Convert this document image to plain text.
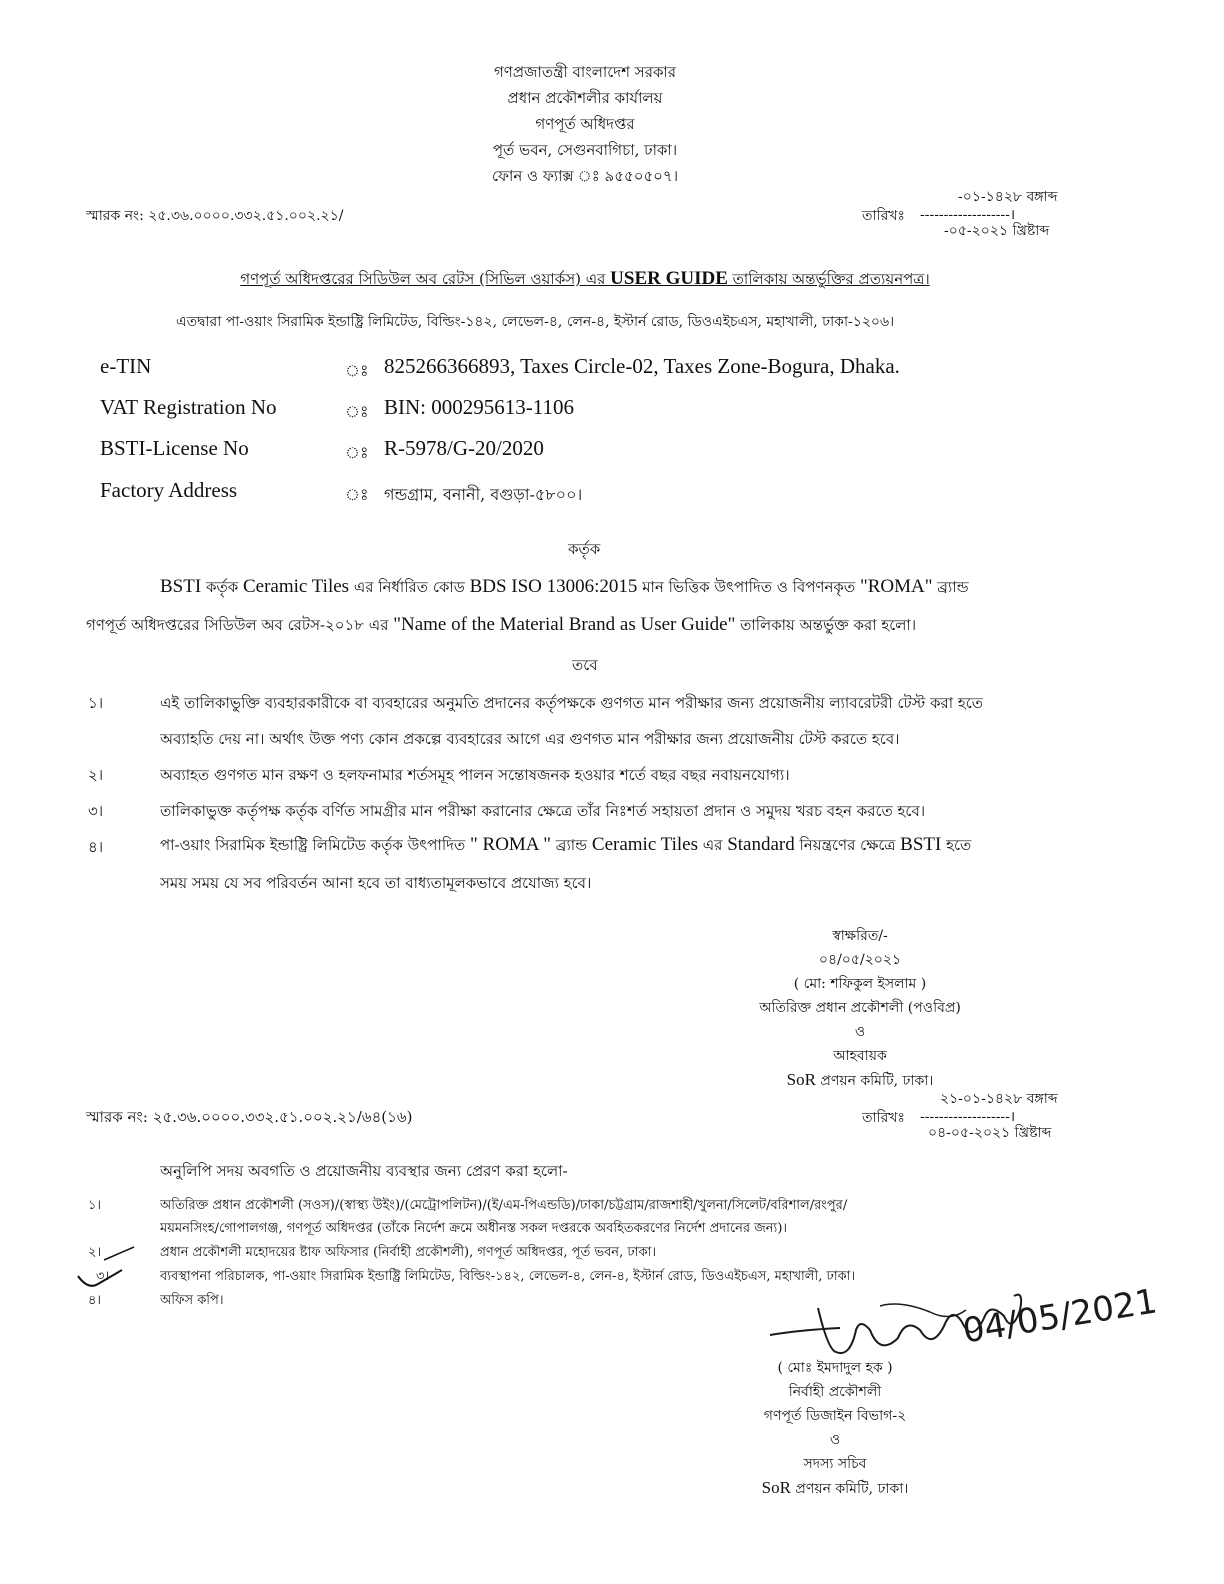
গণপ্রজাতন্ত্রী বাংলাদেশ সরকার
প্রধান প্রকৌশলীর কার্যালয়
গণপূর্ত অধিদপ্তর
পূর্ত ভবন, সেগুনবাগিচা, ঢাকা।
ফোন ও ফ্যাক্স ঃ ৯৫৫০৫০৭।
স্মারক নং: ২৫.৩৬.০০০০.৩৩২.৫১.০০২.২১/	তারিখঃ
-০১-১৪২৮ বঙ্গাব্দ
-------------------।
-০৫-২০২১ খ্রিষ্টাব্দ
গণপূর্ত অধিদপ্তরের সিডিউল অব রেটস (সিভিল ওয়ার্কস) এর USER GUIDE তালিকায় অন্তর্ভুক্তির প্রত্যয়নপত্র।
এতদ্বারা পা-ওয়াং সিরামিক ইন্ডাষ্ট্রি লিমিটেড, বিল্ডিং-১৪২, লেভেল-৪, লেন-৪, ইস্টার্ন রোড, ডিওএইচএস, মহাখালী, ঢাকা-১২০৬।
e-TIN	ঃ 825266366893, Taxes Circle-02, Taxes Zone-Bogura, Dhaka.
VAT Registration No	ঃ BIN: 000295613-1106
BSTI-License No	ঃ R-5978/G-20/2020
Factory Address	ঃ গন্ডগ্রাম, বনানী, বগুড়া-৫৮০০।
কর্তৃক
BSTI কর্তৃক Ceramic Tiles এর নির্ধারিত কোড BDS ISO 13006:2015 মান ভিত্তিক উৎপাদিত ও বিপণনকৃত "ROMA" ব্র্যান্ড
গণপূর্ত অধিদপ্তরের সিডিউল অব রেটস-২০১৮ এর "Name of the Material Brand as User Guide" তালিকায় অন্তর্ভুক্ত করা হলো।
তবে
১।	এই তালিকাভুক্তি ব্যবহারকারীকে বা ব্যবহারের অনুমতি প্রদানের কর্তৃপক্ষকে গুণগত মান পরীক্ষার জন্য প্রয়োজনীয় ল্যাবরেটরী টেস্ট করা হতে
অব্যাহতি দেয় না। অর্থাৎ উক্ত পণ্য কোন প্রকল্পে ব্যবহারের আগে এর গুণগত মান পরীক্ষার জন্য প্রয়োজনীয় টেস্ট করতে হবে।
২।	অব্যাহত গুণগত মান রক্ষণ ও হলফনামার শর্তসমূহ পালন সন্তোষজনক হওয়ার শর্তে বছর বছর নবায়নযোগ্য।
৩।	তালিকাভুক্ত কর্তৃপক্ষ কর্তৃক বর্ণিত সামগ্রীর মান পরীক্ষা করানোর ক্ষেত্রে তাঁর নিঃশর্ত সহায়তা প্রদান ও সমুদয় খরচ বহন করতে হবে।
৪।	পা-ওয়াং সিরামিক ইন্ডাষ্ট্রি লিমিটেড কর্তৃক উৎপাদিত " ROMA " ব্র্যান্ড Ceramic Tiles এর Standard নিয়ন্ত্রণের ক্ষেত্রে BSTI হতে
সময় সময় যে সব পরিবর্তন আনা হবে তা বাধ্যতামূলকভাবে প্রযোজ্য হবে।
স্বাক্ষরিত/-
০৪/০৫/২০২১
( মো: শফিকুল ইসলাম )
অতিরিক্ত প্রধান প্রকৌশলী (পওবিপ্র)
ও
আহবায়ক
SoR প্রণয়ন কমিটি, ঢাকা।
স্মারক নং: ২৫.৩৬.০০০০.৩৩২.৫১.০০২.২১/৬৪(১৬)	তারিখঃ
২১-০১-১৪২৮ বঙ্গাব্দ
-------------------।
০৪-০৫-২০২১ খ্রিষ্টাব্দ
অনুলিপি সদয় অবগতি ও প্রয়োজনীয় ব্যবস্থার জন্য প্রেরণ করা হলো-
১।	অতিরিক্ত প্রধান প্রকৌশলী (সওস)/(স্বাস্থ্য উইং)/(মেট্রোপলিটন)/(ই/এম-পিএন্ডডি)/ঢাকা/চট্টগ্রাম/রাজশাহী/খুলনা/সিলেট/বরিশাল/রংপুর/
ময়মনসিংহ/গোপালগঞ্জ, গণপূর্ত অধিদপ্তর (তাঁকে নির্দেশ ক্রমে অধীনস্ত সকল দপ্তরকে অবহিতকরণের নির্দেশ প্রদানের জন্য)।
২।	প্রধান প্রকৌশলী মহোদয়ের ষ্টাফ অফিসার (নির্বাহী প্রকৌশলী), গণপূর্ত অধিদপ্তর, পূর্ত ভবন, ঢাকা।
৩।	ব্যবস্থাপনা পরিচালক, পা-ওয়াং সিরামিক ইন্ডাষ্ট্রি লিমিটেড, বিল্ডিং-১৪২, লেভেল-৪, লেন-৪, ইস্টার্ন রোড, ডিওএইচএস, মহাখালী, ঢাকা।
৪।	অফিস কপি।	04/05/2021
( মোঃ ইমদাদুল হক )
নির্বাহী প্রকৌশলী
গণপূর্ত ডিজাইন বিভাগ-২
ও
সদস্য সচিব
SoR প্রণয়ন কমিটি, ঢাকা।
